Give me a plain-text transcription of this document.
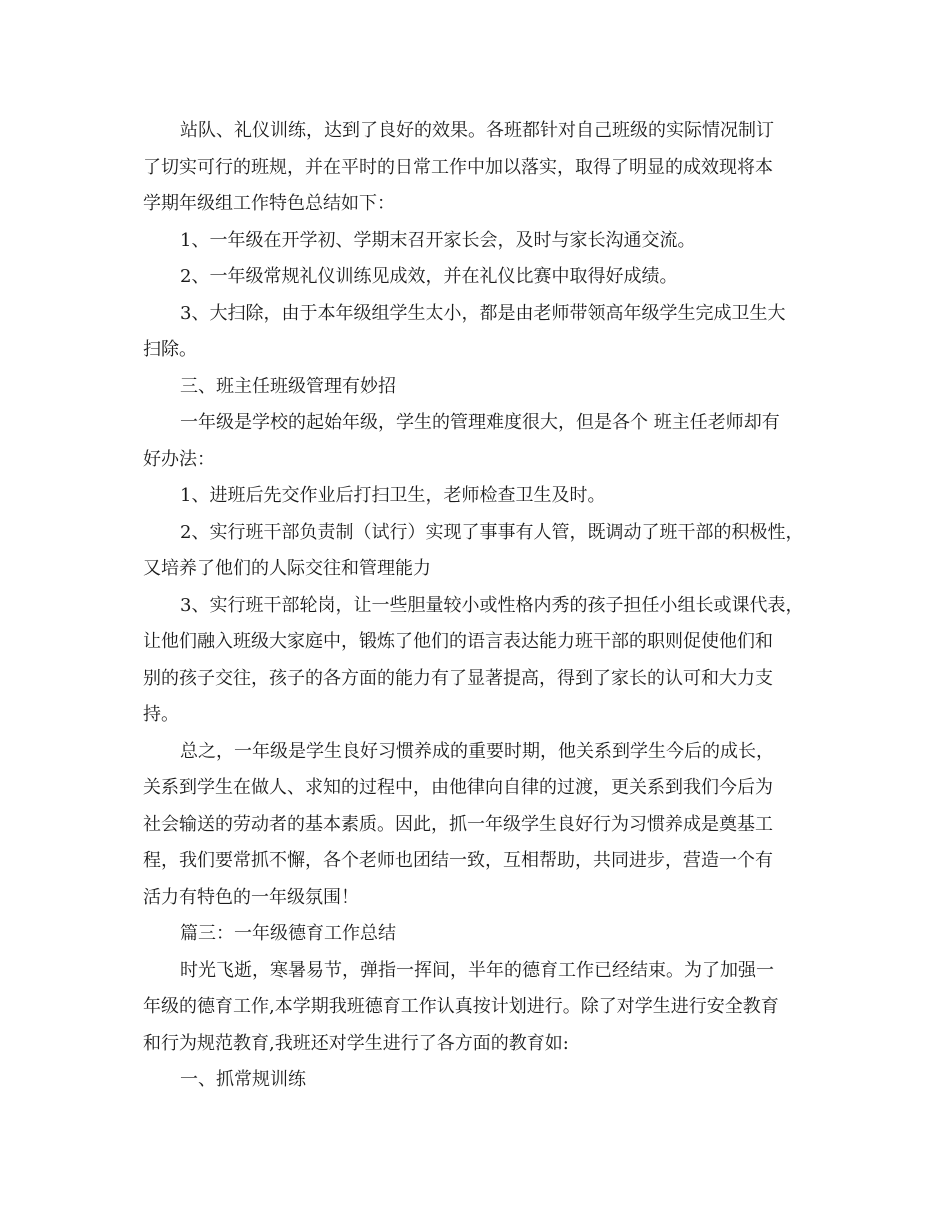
站队、礼仪训练，达到了良好的效果。各班都针对自己班级的实际情况制订
了切实可行的班规，并在平时的日常工作中加以落实，取得了明显的成效现将本
学期年级组工作特色总结如下：
1、一年级在开学初、学期末召开家长会，及时与家长沟通交流。
2、一年级常规礼仪训练见成效，并在礼仪比赛中取得好成绩。
3、大扫除，由于本年级组学生太小，都是由老师带领高年级学生完成卫生大
扫除。
三、班主任班级管理有妙招
一年级是学校的起始年级，学生的管理难度很大，但是各个 班主任老师却有
好办法：
1、进班后先交作业后打扫卫生，老师检查卫生及时。
2、实行班干部负责制（试行）实现了事事有人管，既调动了班干部的积极性，
又培养了他们的人际交往和管理能力
3、实行班干部轮岗，让一些胆量较小或性格内秀的孩子担任小组长或课代表，
让他们融入班级大家庭中，锻炼了他们的语言表达能力班干部的职则促使他们和
别的孩子交往，孩子的各方面的能力有了显著提高，得到了家长的认可和大力支
持。
总之，一年级是学生良好习惯养成的重要时期，他关系到学生今后的成长，
关系到学生在做人、求知的过程中，由他律向自律的过渡，更关系到我们今后为
社会输送的劳动者的基本素质。因此，抓一年级学生良好行为习惯养成是奠基工
程，我们要常抓不懈，各个老师也团结一致，互相帮助，共同进步，营造一个有
活力有特色的一年级氛围！
篇三：一年级德育工作总结
时光飞逝，寒暑易节，弹指一挥间，半年的德育工作已经结束。为了加强一
年级的德育工作,本学期我班德育工作认真按计划进行。除了对学生进行安全教育
和行为规范教育,我班还对学生进行了各方面的教育如:
一、抓常规训练
